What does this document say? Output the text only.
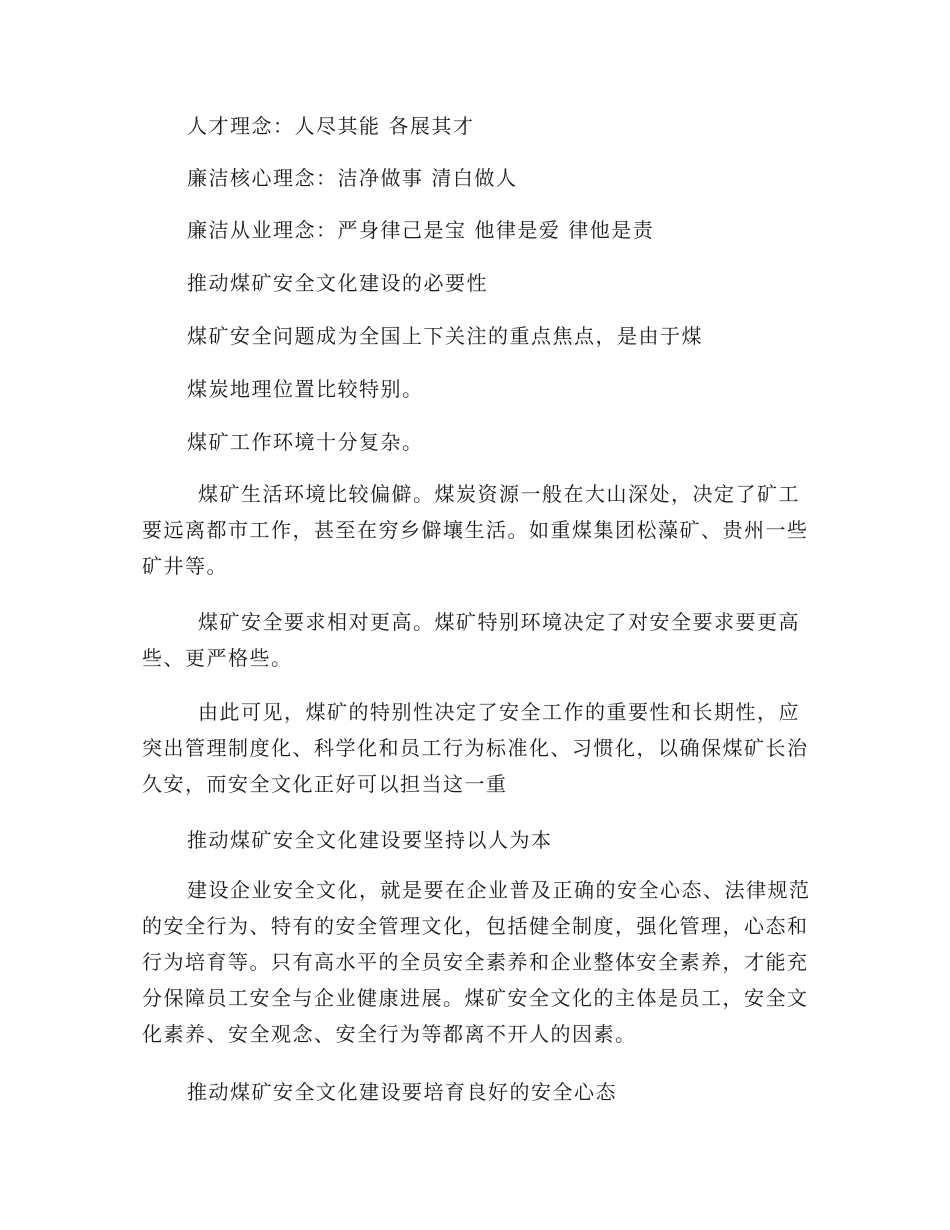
人才理念：人尽其能 各展其才
廉洁核心理念：洁净做事 清白做人
廉洁从业理念：严身律己是宝 他律是爱 律他是责
推动煤矿安全文化建设的必要性
煤矿安全问题成为全国上下关注的重点焦点，是由于煤
煤炭地理位置比较特别。
煤矿工作环境十分复杂。
煤矿生活环境比较偏僻。煤炭资源一般在大山深处，决定了矿工要远离都市工作，甚至在穷乡僻壤生活。如重煤集团松藻矿、贵州一些矿井等。
煤矿安全要求相对更高。煤矿特别环境决定了对安全要求要更高些、更严格些。
由此可见，煤矿的特别性决定了安全工作的重要性和长期性，应突出管理制度化、科学化和员工行为标准化、习惯化，以确保煤矿长治久安，而安全文化正好可以担当这一重
推动煤矿安全文化建设要坚持以人为本
建设企业安全文化，就是要在企业普及正确的安全心态、法律规范的安全行为、特有的安全管理文化，包括健全制度，强化管理，心态和行为培育等。只有高水平的全员安全素养和企业整体安全素养，才能充分保障员工安全与企业健康进展。煤矿安全文化的主体是员工，安全文化素养、安全观念、安全行为等都离不开人的因素。
推动煤矿安全文化建设要培育良好的安全心态
